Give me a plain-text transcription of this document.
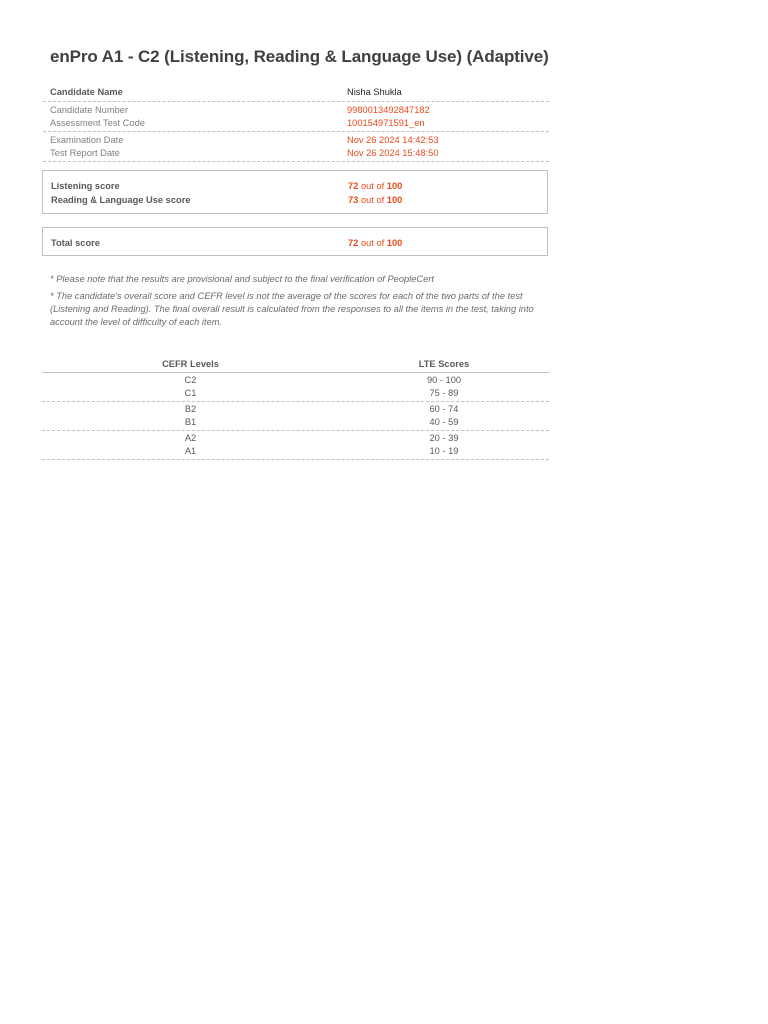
enPro A1 - C2 (Listening, Reading & Language Use) (Adaptive)
Candidate Name	Nisha Shukla
Candidate Number	9980013492847182
Assessment Test Code	100154971591_en
Examination Date	Nov 26 2024 14:42:53
Test Report Date	Nov 26 2024 15:48:50
Listening score	72 out of 100
Reading & Language Use score	73 out of 100
Total score	72 out of 100

* Please note that the results are provisional and subject to the final verification of PeopleCert

* The candidate's overall score and CEFR level is not the average of the scores for each of the two parts of the test (Listening and Reading). The final overall result is calculated from the responses to all the items in the test, taking into account the level of difficulty of each item.

CEFR Levels	LTE Scores
C2	90 - 100
C1	75 - 89
B2	60 - 74
B1	40 - 59
A2	20 - 39
A1	10 - 19
